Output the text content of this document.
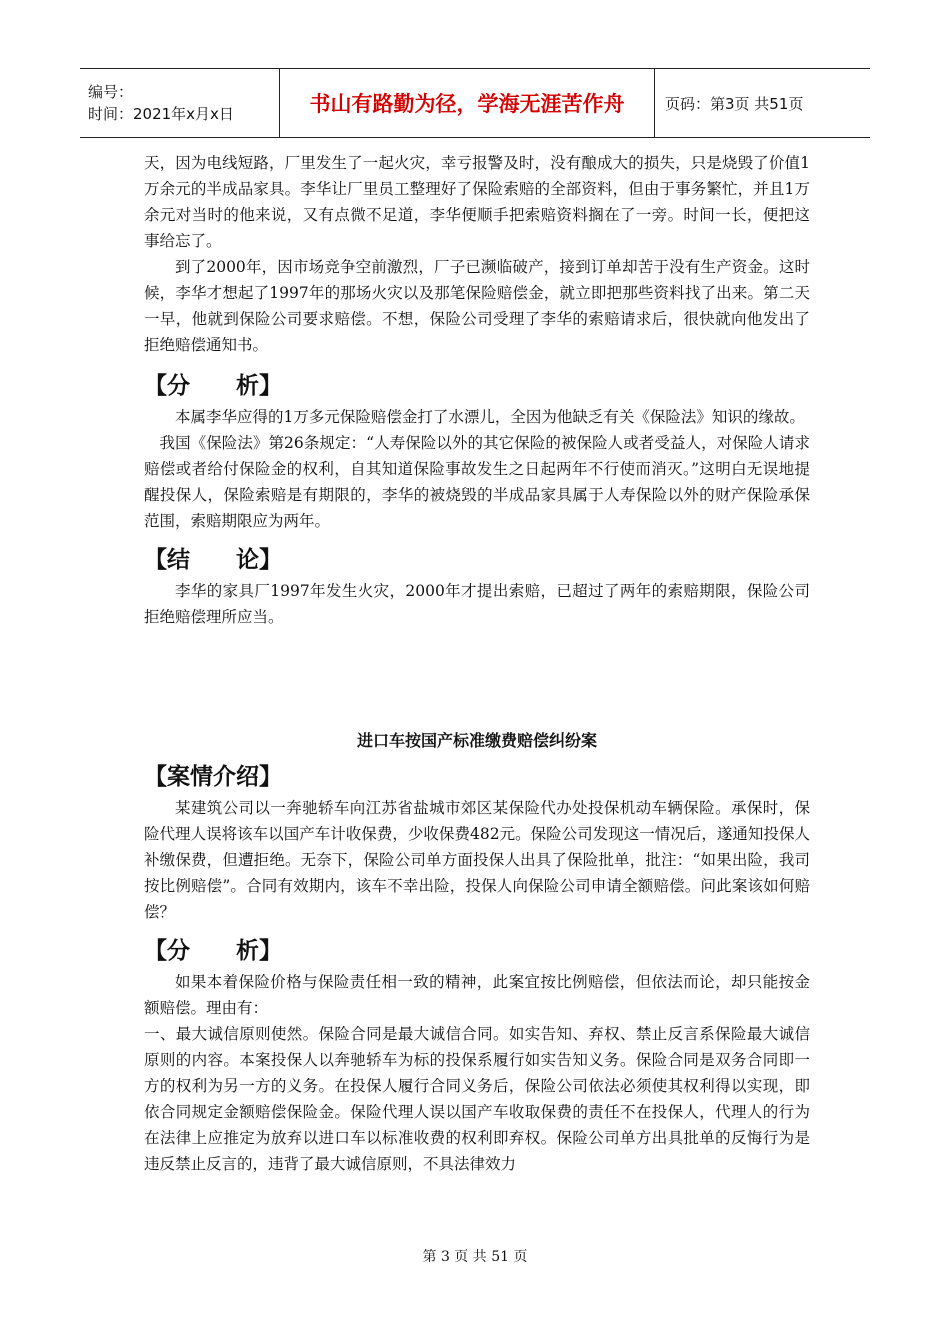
编号：
时间：2021年x月x日	书山有路勤为径，学海无涯苦作舟	页码：第3页 共51页

天，因为电线短路，厂里发生了一起火灾，幸亏报警及时，没有酿成大的损失，只是烧毁了价值1万余元的半成品家具。李华让厂里员工整理好了保险索赔的全部资料，但由于事务繁忙，并且1万余元对当时的他来说，又有点微不足道，李华便顺手把索赔资料搁在了一旁。时间一长，便把这事给忘了。

到了2000年，因市场竞争空前激烈，厂子已濒临破产，接到订单却苦于没有生产资金。这时候，李华才想起了1997年的那场火灾以及那笔保险赔偿金，就立即把那些资料找了出来。第二天一早，他就到保险公司要求赔偿。不想，保险公司受理了李华的索赔请求后，很快就向他发出了拒绝赔偿通知书。

【分　　析】

本属李华应得的1万多元保险赔偿金打了水漂儿，全因为他缺乏有关《保险法》知识的缘故。

我国《保险法》第26条规定：“人寿保险以外的其它保险的被保险人或者受益人，对保险人请求赔偿或者给付保险金的权利，自其知道保险事故发生之日起两年不行使而消灭。”这明白无误地提醒投保人，保险索赔是有期限的，李华的被烧毁的半成品家具属于人寿保险以外的财产保险承保范围，索赔期限应为两年。

【结　　论】

李华的家具厂1997年发生火灾，2000年才提出索赔，已超过了两年的索赔期限，保险公司拒绝赔偿理所应当。

进口车按国产标准缴费赔偿纠纷案

【案情介绍】

某建筑公司以一奔驰轿车向江苏省盐城市郊区某保险代办处投保机动车辆保险。承保时，保险代理人误将该车以国产车计收保费，少收保费482元。保险公司发现这一情况后，遂通知投保人补缴保费，但遭拒绝。无奈下，保险公司单方面投保人出具了保险批单，批注：“如果出险，我司按比例赔偿”。合同有效期内，该车不幸出险，投保人向保险公司申请全额赔偿。问此案该如何赔偿？

【分　　析】

如果本着保险价格与保险责任相一致的精神，此案宜按比例赔偿，但依法而论，却只能按金额赔偿。理由有：

一、最大诚信原则使然。保险合同是最大诚信合同。如实告知、弃权、禁止反言系保险最大诚信原则的内容。本案投保人以奔驰轿车为标的投保系履行如实告知义务。保险合同是双务合同即一方的权利为另一方的义务。在投保人履行合同义务后，保险公司依法必须使其权利得以实现，即依合同规定金额赔偿保险金。保险代理人误以国产车收取保费的责任不在投保人，代理人的行为在法律上应推定为放弃以进口车以标准收费的权利即弃权。保险公司单方出具批单的反悔行为是违反禁止反言的，违背了最大诚信原则，不具法律效力

第 3 页 共 51 页
